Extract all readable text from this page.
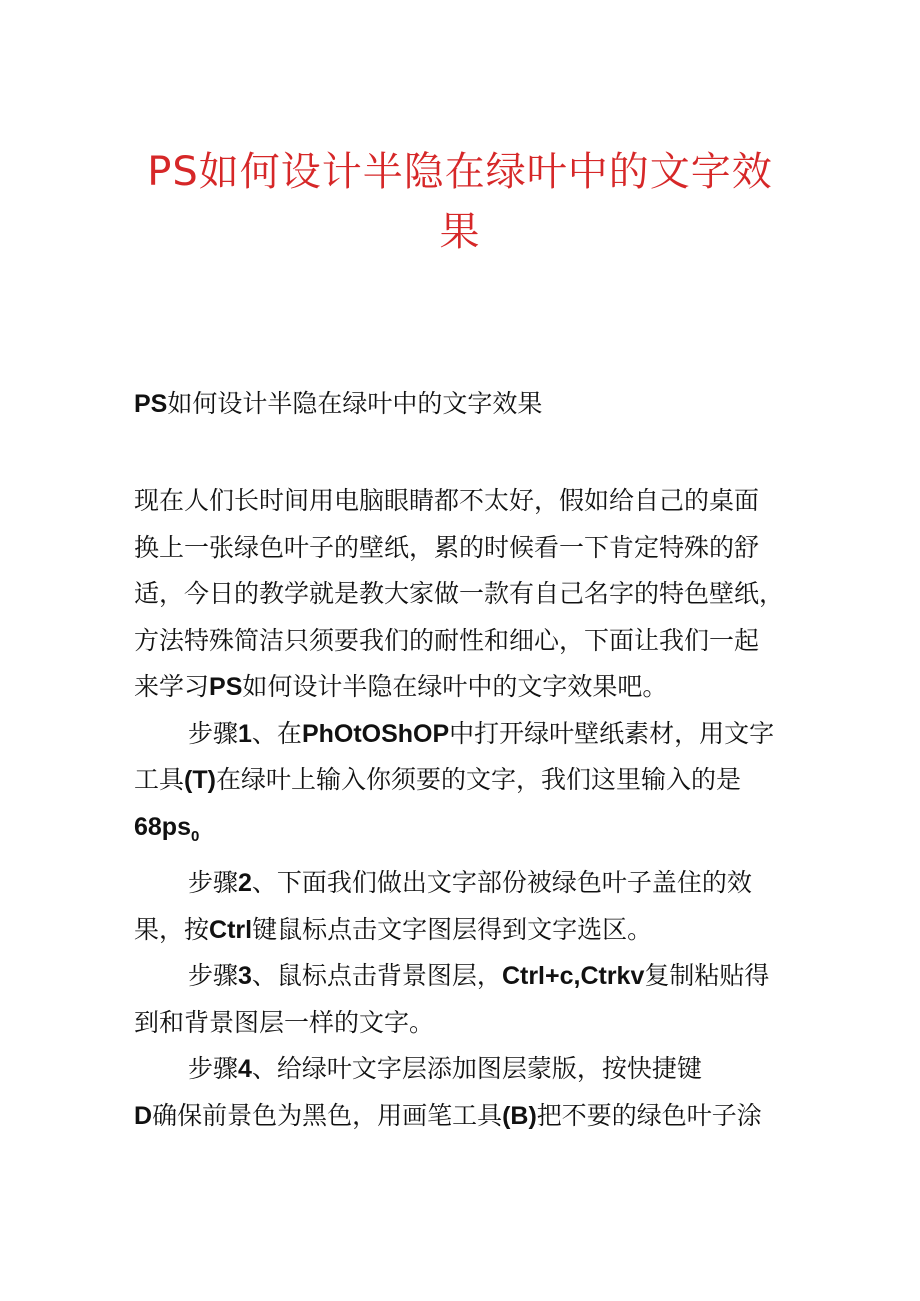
PS如何设计半隐在绿叶中的文字效果
PS如何设计半隐在绿叶中的文字效果

现在人们长时间用电脑眼睛都不太好，假如给自己的桌面
换上一张绿色叶子的壁纸，累的时候看一下肯定特殊的舒
适，今日的教学就是教大家做一款有自己名字的特色壁纸，
方法特殊简洁只须要我们的耐性和细心，下面让我们一起
来学习PS如何设计半隐在绿叶中的文字效果吧。

步骤1、在PhOtOShOP中打开绿叶壁纸素材，用文字
工具(T)在绿叶上输入你须要的文字，我们这里输入的是
$68ps_0$

步骤2、下面我们做出文字部份被绿色叶子盖住的效
果，按Ctrl键鼠标点击文字图层得到文字选区。

步骤3、鼠标点击背景图层，Ctrl+c,Ctrkv复制粘贴得
到和背景图层一样的文字。

步骤4、给绿叶文字层添加图层蒙版，按快捷键
D确保前景色为黑色，用画笔工具(B)把不要的绿色叶子涂
